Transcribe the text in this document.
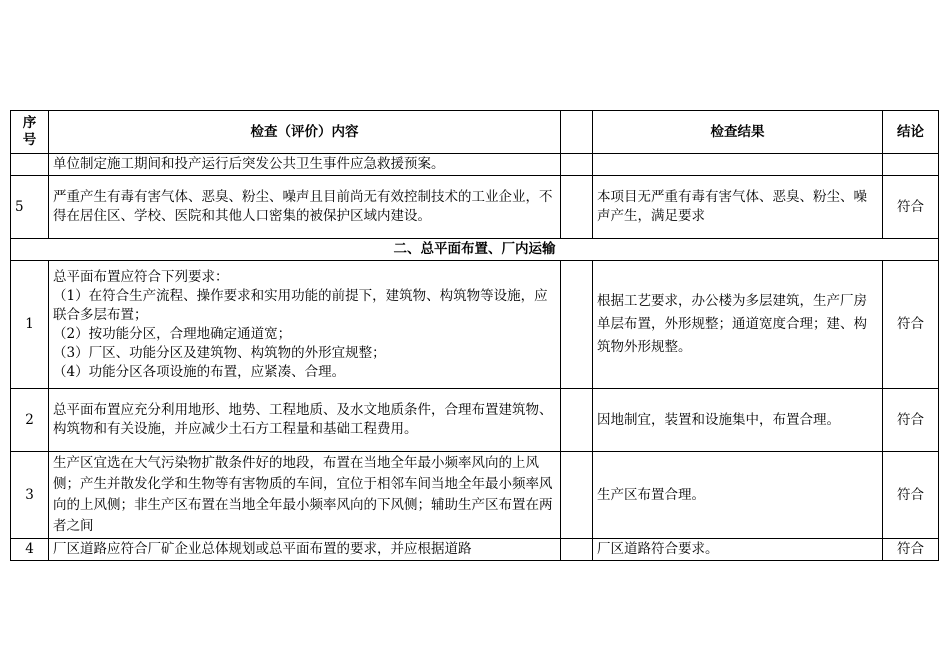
序
号	检查（评价）内容		检查结果	结论
	单位制定施工期间和投产运行后突发公共卫生事件应急救援预案。			
5	严重产生有毒有害气体、恶臭、粉尘、噪声且目前尚无有效控制技术的工业企业，不得在居住区、学校、医院和其他人口密集的被保护区域内建设。		本项目无严重有毒有害气体、恶臭、粉尘、噪声产生，满足要求	符合
二、总平面布置、厂内运输				
1	总平面布置应符合下列要求：
（1）在符合生产流程、操作要求和实用功能的前提下，建筑物、构筑物等设施，应联合多层布置；
（2）按功能分区，合理地确定通道宽；
（3）厂区、功能分区及建筑物、构筑物的外形宜规整；
（4）功能分区各项设施的布置，应紧凑、合理。		根据工艺要求，办公楼为多层建筑，生产厂房单层布置，外形规整；通道宽度合理；建、构筑物外形规整。	符合
2	总平面布置应充分利用地形、地势、工程地质、及水文地质条件，合理布置建筑物、构筑物和有关设施，并应减少土石方工程量和基础工程费用。		因地制宜，装置和设施集中，布置合理。	符合
3	生产区宜选在大气污染物扩散条件好的地段，布置在当地全年最小频率风向的上风侧；产生并散发化学和生物等有害物质的车间，宜位于相邻车间当地全年最小频率风向的上风侧；非生产区布置在当地全年最小频率风向的下风侧；辅助生产区布置在两者之间		生产区布置合理。	符合
4	厂区道路应符合厂矿企业总体规划或总平面布置的要求，并应根据道路		厂区道路符合要求。	符合
